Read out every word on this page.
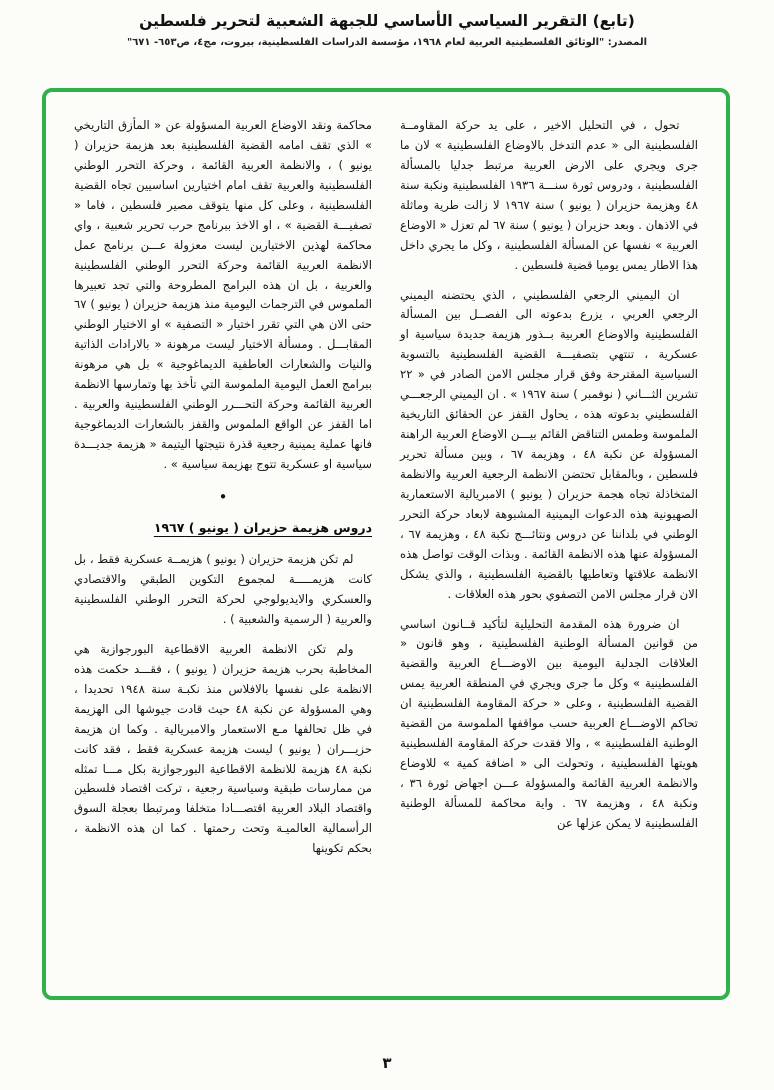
(تابع) التقرير السياسي الأساسي للجبهة الشعبية لتحرير فلسطين
المصدر: "الوثائق الفلسطينية العربية لعام ١٩٦٨، مؤسسة الدراسات الفلسطينية، بيروت، مج٤، ص٦٥٣- ٦٧١"

تحول ، في التحليل الاخير ، على يد حركة المقاومــة الفلسطينية الى « عدم التدخل بالاوضاع الفلسطينية » لان ما جرى ويجري على الارض العربية مرتبط جدليا بالمسألة الفلسطينية ، ودروس ثورة سنـــة ١٩٣٦ الفلسطينية ونكبة سنة ٤٨ وهزيمة حزيران ( يونيو ) سنة ١٩٦٧ لا زالت طرية وماثلة في الاذهان . وبعد حزيران ( يونيو ) سنة ٦٧ لم تعزل « الاوضاع العربية » نفسها عن المسألة الفلسطينية ، وكل ما يجري داخل هذا الاطار يمس يوميا قضية فلسطين .

ان اليميني الرجعي الفلسطيني ، الذي يحتضنه اليميني الرجعي العربي ، يزرع بدعوته الى الفصــل بين المسألة الفلسطينية والاوضاع العربية بــذور هزيمة جديدة سياسية او عسكرية ، تنتهي بتصفيـــة القضية الفلسطينية بالتسوية السياسية المقترحة وفق قرار مجلس الامن الصادر في « ٢٢ تشرين الثـــاني ( نوفمبر ) سنة ١٩٦٧ » . ان اليميني الرجعـــي الفلسطيني بدعوته هذه ، يحاول القفز عن الحقائق التاريخية الملموسة وطمس التناقض القائم بيـــن الاوضاع العربية الراهنة المسؤولة عن نكبة ٤٨ ، وهزيمة ٦٧ ، وبين مسألة تحرير فلسطين ، وبالمقابل تحتضن الانظمة الرجعية العربية والانظمة المتخاذلة تجاه هجمة حزيران ( يونيو ) الامبريالية الاستعمارية الصهيونية هذه الدعوات اليمينية المشبوهة لابعاد حركة التحرر الوطني في بلداننا عن دروس ونتائـــج نكبة ٤٨ ، وهزيمة ٦٧ ، المسؤولة عنها هذه الانظمة القائمة . وبذات الوقت تواصل هذه الانظمة علاقتها وتعاطيها بالقضية الفلسطينية ، والذي يشكل الان قرار مجلس الامن التصفوي بحور هذه العلاقات .

ان ضرورة هذه المقدمة التحليلية لتأكيد قــانون اساسي من قوانين المسألة الوطنية الفلسطينية ، وهو قانون « العلاقات الجدلية اليومية بين الاوضـــاع العربية والقضية الفلسطينية » وكل ما جرى ويجري في المنطقة العربية يمس القضية الفلسطينية ، وعلى « حركة المقاومة الفلسطينية ان تحاكم الاوضـــاع العربية حسب مواقفها الملموسة من القضية الوطنية الفلسطينية » ، والا فقدت حركة المقاومة الفلسطينية هويتها الفلسطينية ، وتحولت الى « اضافة كمية » للاوضاع والانظمة العربية القائمة والمسؤولة عـــن اجهاض ثورة ٣٦ ، ونكبة ٤٨ ، وهزيمة ٦٧ . واية محاكمة للمسألة الوطنية الفلسطينية لا يمكن عزلها عن

محاكمة ونقد الاوضاع العربية المسؤولة عن « المأزق التاريخي » الذي تقف امامه القضية الفلسطينية بعد هزيمة حزيران ( يونيو ) ، والانظمة العربية القائمة ، وحركة التحرر الوطني الفلسطينية والعربية تقف امام اختيارين اساسيين تجاه القضية الفلسطينية ، وعلى كل منها يتوقف مصير فلسطين ، فاما « تصفيـــة القضية » ، او الاخذ ببرنامج حرب تحرير شعبية ، واي محاكمة لهذين الاختيارين ليست معزولة عـــن برنامج عمل الانظمة العربية القائمة وحركة التحرر الوطني الفلسطينية والعربية ، بل ان هذه البرامج المطروحة والتي تجد تعبيرها الملموس في الترجمات اليومية منذ هزيمة حزيران ( يونيو ) ٦٧ حتى الان هي التي تقرر اختيار « التصفية » او الاختيار الوطني المقابـــل . ومسألة الاختيار ليست مرهونة « بالارادات الذاتية والنيات والشعارات العاطفية الديماغوجية » بل هي مرهونة ببرامج العمل اليومية الملموسة التي تأخذ بها وتمارسها الانظمة العربية القائمة وحركة التحـــرر الوطني الفلسطينية والعربية . اما القفز عن الواقع الملموس والقفز بالشعارات الديماغوجية فانها عملية يمينية رجعية قذرة نتيجتها اليتيمة « هزيمة جديـــدة سياسية او عسكرية تتوج بهزيمة سياسية » .

•
دروس هزيمة حزيران ( يونيو ) ١٩٦٧

لم تكن هزيمة حزيران ( يونيو ) هزيمــة عسكرية فقط ، بل كانت هزيمـــــة لمجموع التكوين الطبقي والاقتصادي والعسكري والايديولوجي لحركة التحرر الوطني الفلسطينية والعربية ( الرسمية والشعبية ) .

ولم تكن الانظمة العربية الاقطاعية البورجوازية هي المخاطبة بحرب هزيمة حزيران ( يونيو ) ، فقـــد حكمت هذه الانظمة على نفسها بالافلاس منذ نكبـة سنة ١٩٤٨ تحديدا ، وهي المسؤولة عن نكبة ٤٨ حيث قادت جيوشها الى الهزيمة في ظل تحالفها مـع الاستعمار والامبريالية . وكما ان هزيمة حزيـــران ( يونيو ) ليست هزيمة عسكرية فقط ، فقد كانت نكبة ٤٨ هزيمة للانظمة الاقطاعية البورجوازية بكل مـــا تمثله من ممارسات طبقية وسياسية رجعية ، تركت اقتصاد فلسطين واقتصاد البلاد العربية اقتصـــادا متخلفا ومرتبطا بعجلة السوق الرأسمالية العالميـة وتحت رحمتها . كما ان هذه الانظمة ، بحكم تكوينها

٣
